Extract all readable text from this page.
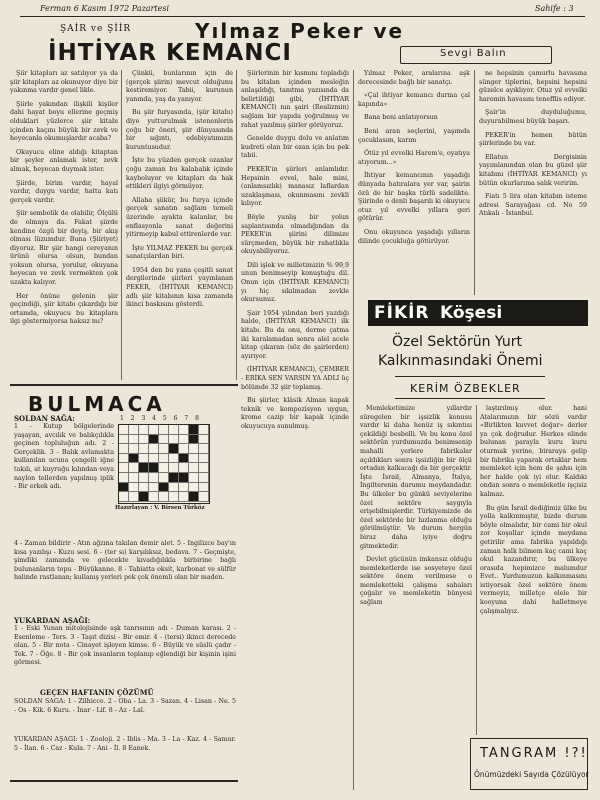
Ferman 6 Kasım 1972 Pazartesi	Sahife : 3
ŞAİR ve ŞİİR	Yılmaz Peker ve
İHTİYAR KEMANCI	Sevgi Balın

Şiir kitapları az satılıyor ya da şiir kitapları az okunuyor diye bir yakınma vardır genel likle.

Şiirle yakından ilişkili kişiler dahi hayat boyu ellerine geçmiş olduklari yüzlerce şiir kitabı içinden kaçını büyük bir zevk ve heyecanla okumuşlardır acaba?

Okuyucu eline aldığı kitaptan bir şeyler anlamak ister, zevk almak, heyecan duymak ister.

Şiirde, birim vardır, hayal vardır, duygu vardır, hatta katı gerçek vardır.

Şiir sembolik de olabilir, Ölçülü de olmaya da. Fakat şiirde kendine özgü bir deyiş, bir akış olması lüzumdur. Buna (Şiiriyet) diyoruz. Bir şiir hangi cereyanın ürünü olursa olsun, bundan yoksun olursa, yorulur, okuyana heyecan ve zevk vermekten çok uzakta kalıyor.

Her önüne gelenin şiir geçindiği, şiir kitabı çıkardığı bir ortamda, okuyucu bu kitaplara ilgi göstermiyorsa haksız mı?

Çünkü, bunlarının için de (gerçek şiirin) mevcut olduğunu kestiremiyor. Tabii, kurunun yanında, yaş da yanıyor.

Bu şiir furyasında, (şiir kitabı) diye yutturulmak istenenlerin çoğu bir öneri, şiir dünyasında bir sığıntı, edebiyatımızın kuruntusudur.

İşte bu yüzden gerçek ozanlar çoğu zaman bu kalabalık içinde kayboluyor ve kitapları da hak ettikleri ilgiyi görmüyor.

Allaha şükür, bu furya içinde gerçek sanatın sağlam temeli üzerinde ayakta kalanlar, bu enflasyonla sanat değerini yitirmeyip kabul ettirenlerde var.

İşte YILMAZ PEKER bu gerçek sanatçılardan biri.

1954 den bu yana çeşitli sanat dergilerinde şiirleri yayınlanan PEKER, (İHTİYAR KEMANCI) adlı şiir kitabının kısa zamanda ikinci baskısını gösterdi.

Şiirlerinin bir kısmını topladığı bu kitabın içinden mesleğin anlaşıldığı, tanıtma yazısında da belirtildiği gibi, (İHTİYAR KEMANCI) nın şairi (Realizmin) sağlam bir yapıda yoğrulmuş ve rahat yazılmış şiirler görüyoruz.

Genelde duygu dolu ve anlatım kudreti olan bir ozan için bu pek tabii.

PEKER'in şiirleri anlamlıdır. Hepsinin evvel, hale mini, (anlamsızlık) manasız laflardan uzaklaşması, okunmasını zevkli kılıyor.

Böyle yanlış bir yolun saplantısında olmadığından da PEKER'in şiirini dilimize sürçmeden, büyük bir rahatlıkla okuyabiliyoruz.

Dili işlek ve milletimizin % 99,9 unun benimseyip konuştuğu dil. Onun için (İHTİYAR KEMANCI) yı hiç sıkılmadan zevkle okursunuz.

Şair 1954 yılından beri yazdığı halde, (İHTİYAR KEMANCI) ilk kitabı. Bu da onu, derme çatma iki karalamadan sonra alel acele kitap çıkaran (söz de şairlerden) ayırıyor.

(İHTİYAR KEMANCI), ÇEMBER - ERİKA SEN VARSIN YA ADLI üç bölümde 32 şiir toplamış.

Bu şiirler, klâsik Alman kapak teknik ve kompozisyon uygun, krome cazip bir kapak içinde okuyucuya sunulmuş.

Yılmaz Peker, aralarına aşk derecesinde bağlı bir sanatçı.

«Çal ihtiyar kemancı durma çal kapında»

Bana beni anlatıyorsun

Beni aran seçlerini, yaşımda çocuklasım, karım

Ötüz yıl evvelki Harem'e, oyatıya atıyorum...»

İhtiyar kemancının yaşadığı dünyada hatıralara yer var, şairin özü de bir başka türlü sadelikte. Şiirinde o denli başarılı ki okuyucu otuz yıl evvelki yıllara geri götürür.

Onu okuyunca yaşadığı yılların dilinde çocukluğa götürüyor.

ne hepsinin çamurlu havasına sünger tiplerini, hepsini hepsini güzelce ayıklıyor. Otuz yıl evvelki haremin havasını tenefflis ediyor.

Şair'in duyduluğumu, duyurabilmesi büyük başarı.

PEKER'in hemen bütün şiirlerinde bu var.

Ellatun Dergisinin yayımlanından olan bu güzel şiir kitabını (İHTİYAR KEMANCI) yı bütün okurlarıma salık veririm.

Fiatı 5 lira olan kitabın isteme adresi Sarayağası cd. No 59 Atıkalı - İstanbul.

BULMACA
SOLDAN SAĞA:
1 - Kutup bölgelerinde yaşayan, avcılık ve balıkçılıkla geçinen topluluğun adı. 2 - Gerçeklik. 3 - Balık avlamakta kullanılan ucuna çengelli iğne takılı, at kuyruğu kılından veya naylon tellerden yapılmış iplik - Bir erkek adı.
1 2 3 4 5 6 7 8
Hazırlayan : V. Birsen Türköz
4 - Zaman bildirir - Atın ağzına takılan demir alet. 5 - İngilizce bay'ın kısa yazılışı - Kuzu sesi. 6 - (ter sı) karşılıksız, bedava. 7 - Geçmişte, şimdiki zamanda ve gelecekte kıvadığılıkla birbirine bağlı bulunanların topu - Büyükanne. 8 - Tabiatta oksit, karbonat ve sülfür halinde rastlanan; kullanış yerleri pek çok önemli olan bir maden.
YUKARDAN AŞAĞI:
1 - Eski Yunan mitolojisinde aşk tanrısının adı - Duman karası. 2 - Esenleme - Ters. 3 - Taşıt dizisi - Bir emir. 4 - (tersi) ikinci derecede olan. 5 - Bir nota - Cinayet işleyen kimse. 6 - Büyük ve süslü çadır - Tek. 7 - Öğe. 8 - Bir çok insanların toplanıp eğlendiği bir kişinin işini görmesi.
GEÇEN HAFTANIN ÇÖZÜMÜ
SOLDAN SAĞA: 1 - Zilhicce. 2 - Oba - La. 3 - Sazan. 4 - Lisan - Ne. 5 - Os - Kik. 6 Kuru. - İnar - Lif. 8 - Az - Lal.
YUKARDAN AŞAĞI: 1 - Zooloji. 2 - İblis - Ma. 3 - La - Kaz. 4 - Samur. 5 - İlan. 6 - Caz - Kula. 7 - Ani - İl. 8 Eanek.
FİKİR Köşesi
Özel Sektörün Yurt
Kalkınmasındaki Önemi
KERİM ÖZBEKLER

Memleketimize yıllardır süregelen bir işsizlik konusu vardır ki daha henüz iş sıkıntısı çekildiği besbelli. Ve bu konu özel sektörün yurdumuzda benimsenip mahalli yerlere fabrikalar açıldıkları sonra işsizliğin bir ölçü ortadan kalkacağı da bir gerçektir. İşte İsrail, Almanya, İtalya, İngilterenin durumu meydandadır. Bu ülkeler bu günkü seviyelerine özel sektöre saygıyla erişebilmişlerdir. Türkiyemizde de özel sektörde bir hızlanma olduğu görülmüştür. Ve durum hergün biraz daha iyiye doğru gitmektedir.

Devlet gücünün imkansız olduğu memleketlerde ise sosyeteye özel sektöre önem verilmese o memleketteki çalışma sahaları çoğalır ve memleketin bünyesi sağlam

laştırılmış olur. hani Atalarımızın bir sözü vardır «Birlikten kuvvet doğar» derler ya çok doğrudur. Herkes elinde bulunan parayla kuru kuru oturmak yerine, biraraya gelip bir fabrika yaparak ortaklar hem memleket için hem de şahsı için her halde çok iyi olur. Kaldıki ondan sonra o memleketle işçisiz kalmaz.

Bu gün İsrail dediğimiz ülke bu yolla kalkınmıştır, bizde durum böyle olmalıdır, bir cami bir okul zor koşullar içinde meydana getirilir ama fabrika yapıldığı zaman halk bilmem kaç cami kaç okul kazandırır, bu ülkeye orasıda hepimizce malumdur Evet.. Yurdumuzun kalkınmasını istiyorsak özel sektöre önem vermeyiz, milletçe elele bir kooyuna dahi halletmeye çalışmalıyız.

TANGRAM !?!
Önümüzdeki Sayıda Çözülüyor
